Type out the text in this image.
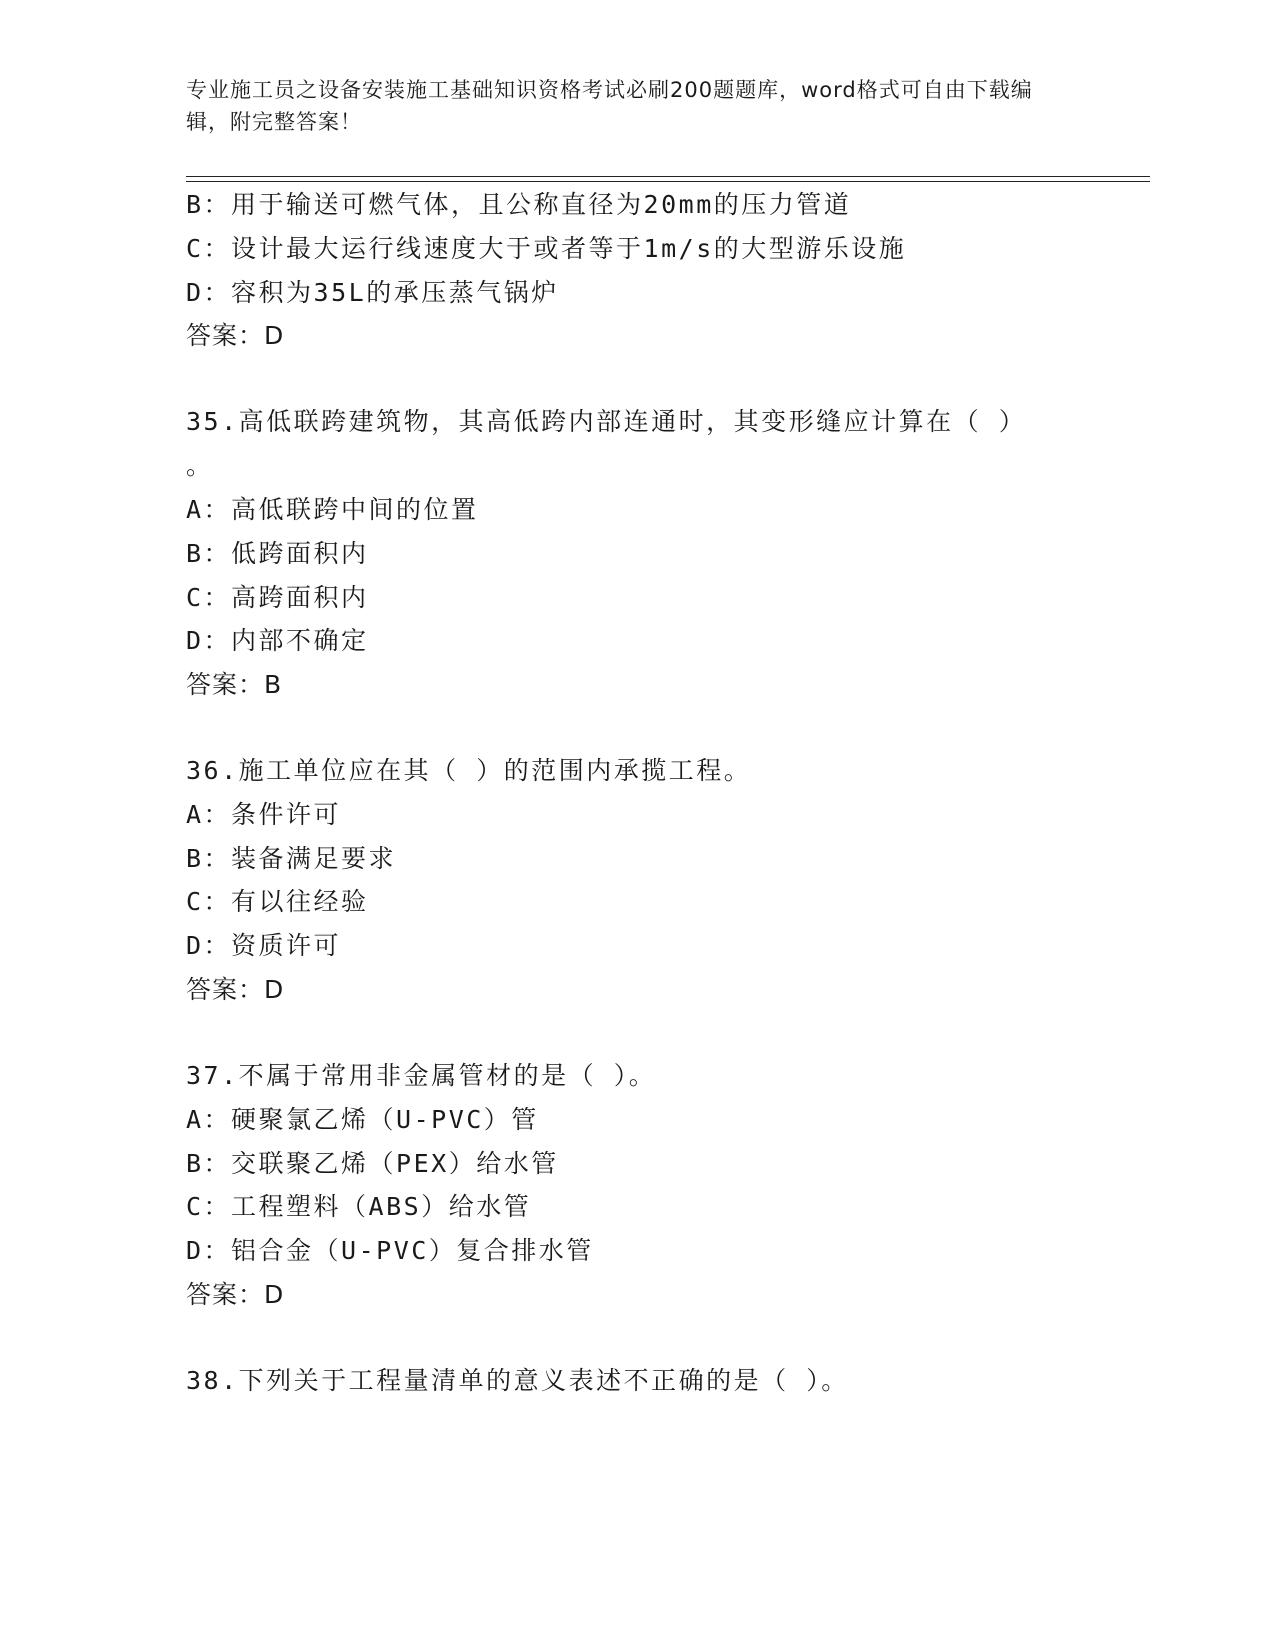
专业施工员之设备安装施工基础知识资格考试必刷200题题库，word格式可自由下载编辑，附完整答案！
B：用于输送可燃气体，且公称直径为20mm的压力管道
C：设计最大运行线速度大于或者等于1m/s的大型游乐设施
D：容积为35L的承压蒸气锅炉
答案：D
35.高低联跨建筑物，其高低跨内部连通时，其变形缝应计算在（ ）
。
A：高低联跨中间的位置
B：低跨面积内
C：高跨面积内
D：内部不确定
答案：B
36.施工单位应在其（ ）的范围内承揽工程。
A：条件许可
B：装备满足要求
C：有以往经验
D：资质许可
答案：D
37.不属于常用非金属管材的是（ ）。
A：硬聚氯乙烯（U-PVC）管
B：交联聚乙烯（PEX）给水管
C：工程塑料（ABS）给水管
D：铝合金（U-PVC）复合排水管
答案：D
38.下列关于工程量清单的意义表述不正确的是（ ）。
